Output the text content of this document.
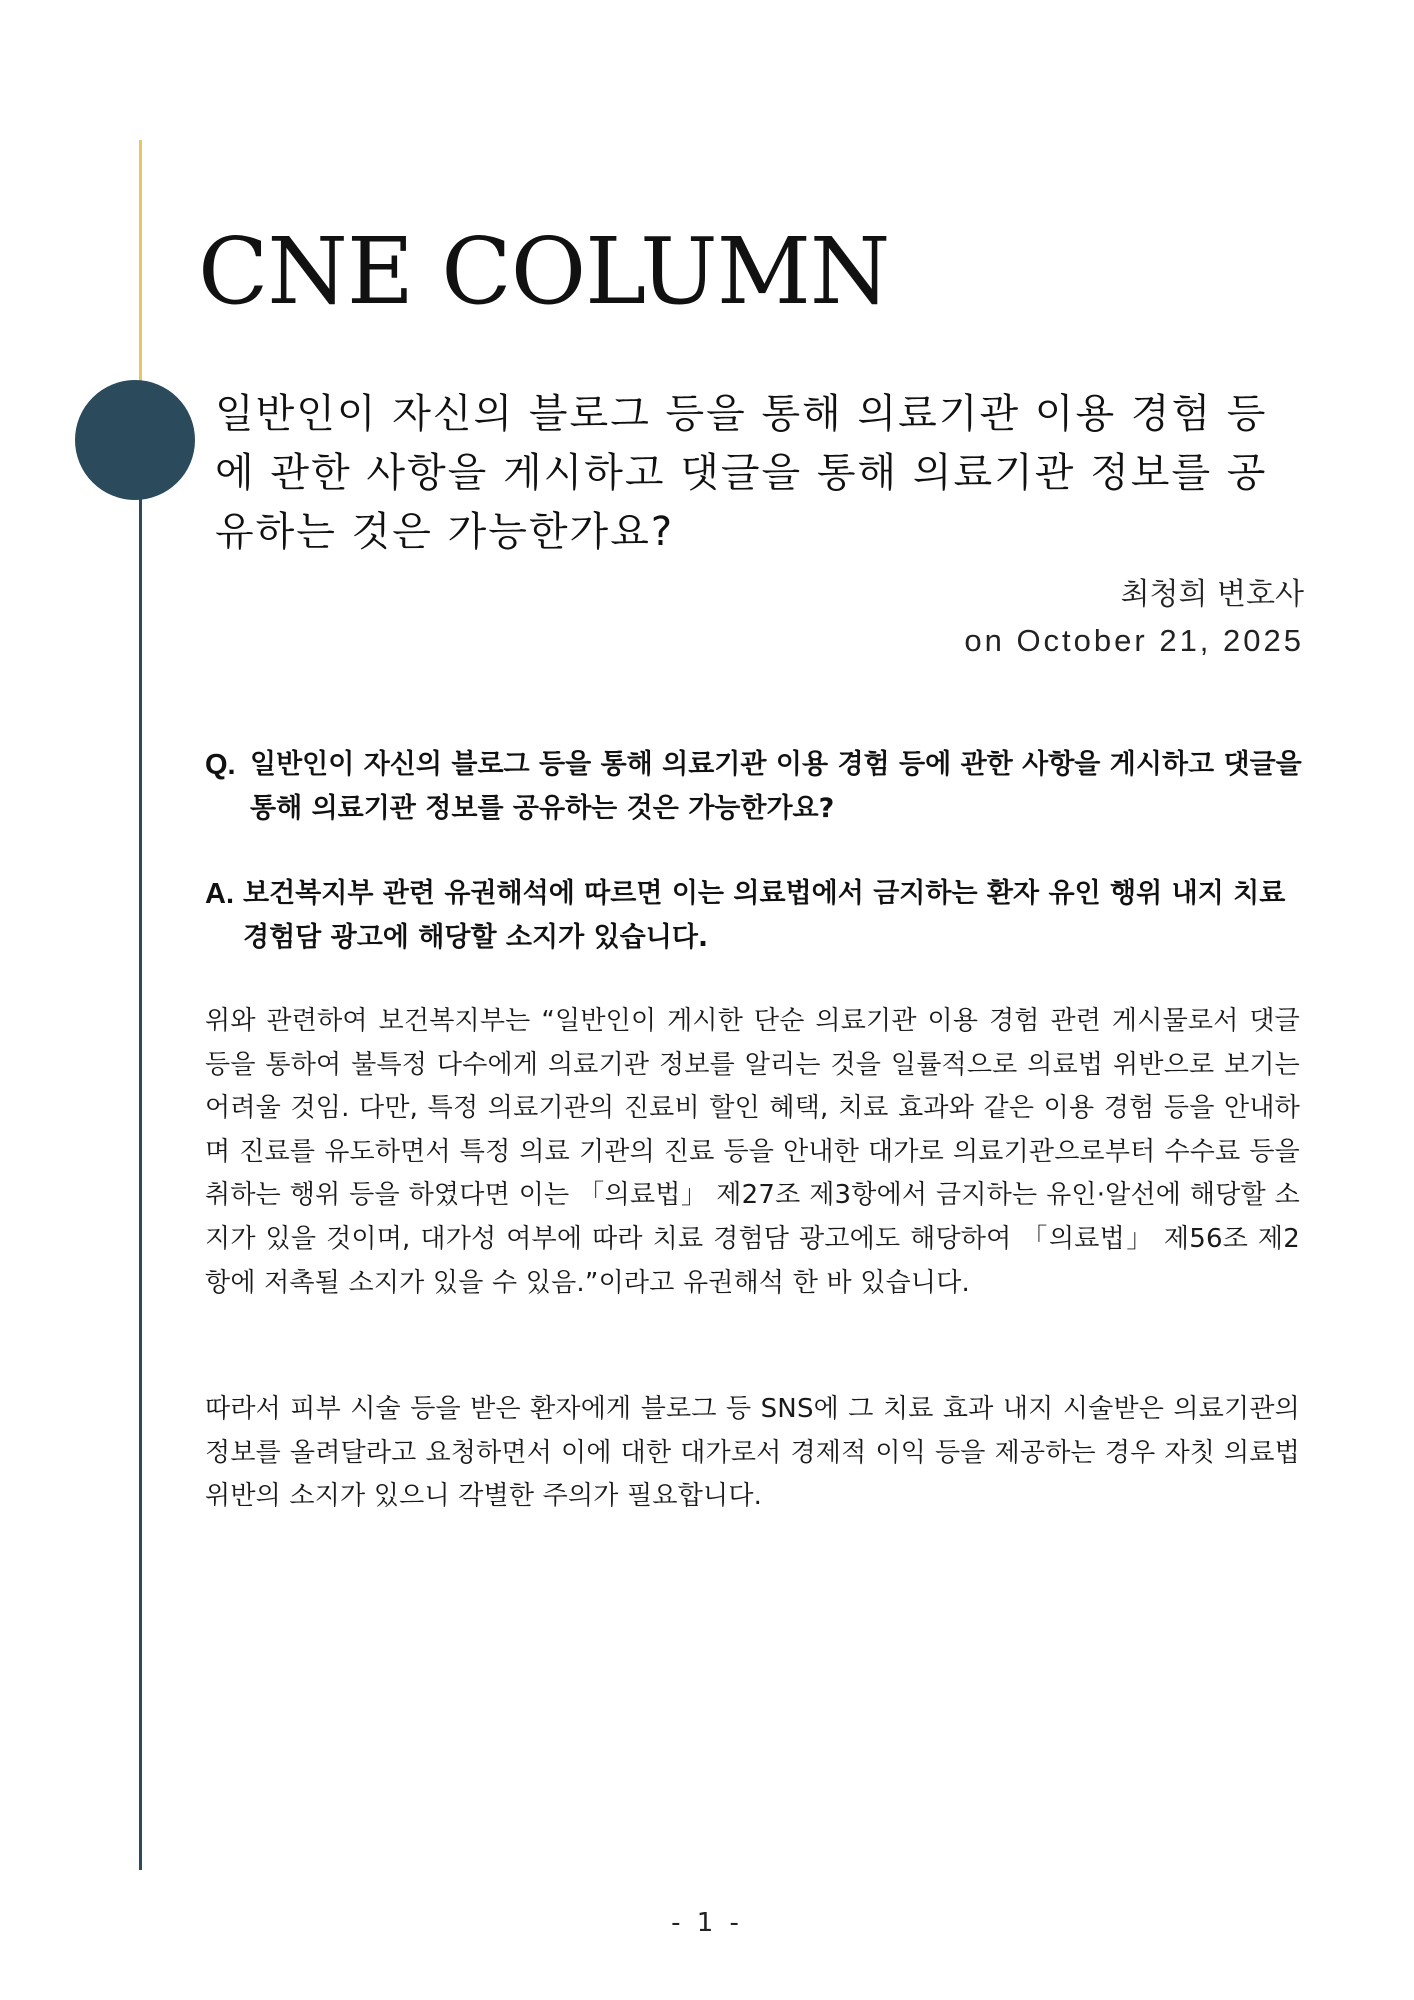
CNE COLUMN
일반인이 자신의 블로그 등을 통해 의료기관 이용 경험 등에 관한 사항을 게시하고 댓글을 통해 의료기관 정보를 공유하는 것은 가능한가요?
최청희 변호사
on October 21, 2025
Q. 일반인이 자신의 블로그 등을 통해 의료기관 이용 경험 등에 관한 사항을 게시하고 댓글을 통해 의료기관 정보를 공유하는 것은 가능한가요?
A. 보건복지부 관련 유권해석에 따르면 이는 의료법에서 금지하는 환자 유인 행위 내지 치료 경험담 광고에 해당할 소지가 있습니다.
위와 관련하여 보건복지부는 “일반인이 게시한 단순 의료기관 이용 경험 관련 게시물로서 댓글 등을 통하여 불특정 다수에게 의료기관 정보를 알리는 것을 일률적으로 의료법 위반으로 보기는 어려울 것임. 다만, 특정 의료기관의 진료비 할인 혜택, 치료 효과와 같은 이용 경험 등을 안내하며 진료를 유도하면서 특정 의료 기관의 진료 등을 안내한 대가로 의료기관으로부터 수수료 등을 취하는 행위 등을 하였다면 이는 「의료법」 제27조 제3항에서 금지하는 유인·알선에 해당할 소지가 있을 것이며, 대가성 여부에 따라 치료 경험담 광고에도 해당하여 「의료법」 제56조 제2항에 저촉될 소지가 있을 수 있음.”이라고 유권해석 한 바 있습니다.
따라서 피부 시술 등을 받은 환자에게 블로그 등 SNS에 그 치료 효과 내지 시술받은 의료기관의 정보를 올려달라고 요청하면서 이에 대한 대가로서 경제적 이익 등을 제공하는 경우 자칫 의료법 위반의 소지가 있으니 각별한 주의가 필요합니다.
- 1 -
